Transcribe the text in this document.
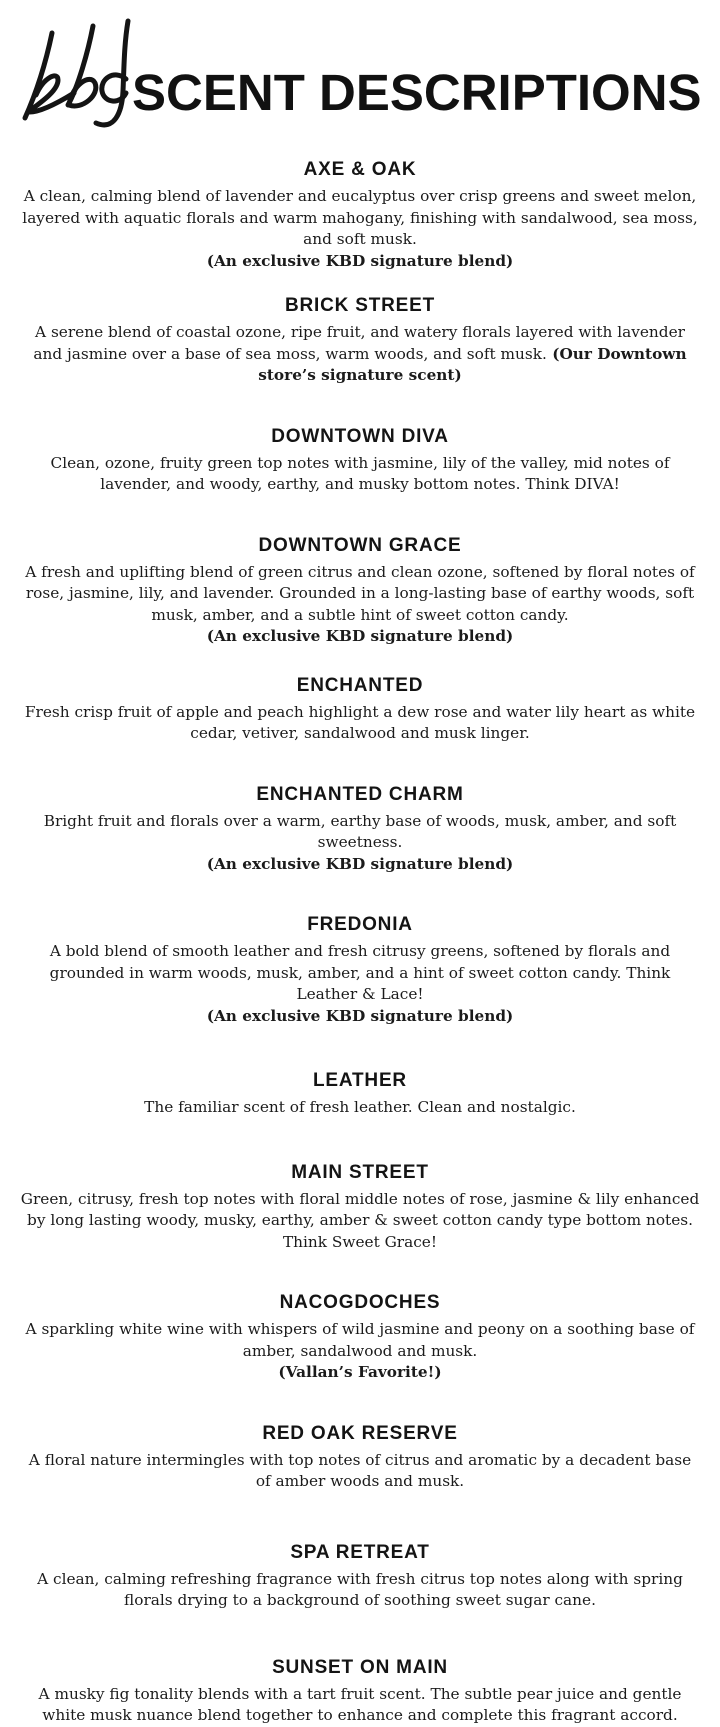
SCENT DESCRIPTIONS
AXE & OAK

A clean, calming blend of lavender and eucalyptus over crisp greens and sweet melon, layered with aquatic florals and warm mahogany, finishing with sandalwood, sea moss, and soft musk.

(An exclusive KBD signature blend)

BRICK STREET

A serene blend of coastal ozone, ripe fruit, and watery florals layered with lavender and jasmine over a base of sea moss, warm woods, and soft musk. (Our Downtown store’s signature scent)

DOWNTOWN DIVA

Clean, ozone, fruity green top notes with jasmine, lily of the valley, mid notes of lavender, and woody, earthy, and musky bottom notes. Think DIVA!

DOWNTOWN GRACE

A fresh and uplifting blend of green citrus and clean ozone, softened by floral notes of rose, jasmine, lily, and lavender. Grounded in a long-lasting base of earthy woods, soft musk, amber, and a subtle hint of sweet cotton candy.

(An exclusive KBD signature blend)

ENCHANTED

Fresh crisp fruit of apple and peach highlight a dew rose and water lily heart as white cedar, vetiver, sandalwood and musk linger.

ENCHANTED CHARM

Bright fruit and florals over a warm, earthy base of woods, musk, amber, and soft sweetness.

(An exclusive KBD signature blend)

FREDONIA

A bold blend of smooth leather and fresh citrusy greens, softened by florals and grounded in warm woods, musk, amber, and a hint of sweet cotton candy. Think Leather & Lace!

(An exclusive KBD signature blend)

LEATHER

The familiar scent of fresh leather. Clean and nostalgic.

MAIN STREET

Green, citrusy, fresh top notes with floral middle notes of rose, jasmine & lily enhanced by long lasting woody, musky, earthy, amber & sweet cotton candy type bottom notes. Think Sweet Grace!

NACOGDOCHES

A sparkling white wine with whispers of wild jasmine and peony on a soothing base of amber, sandalwood and musk.

(Vallan’s Favorite!)

RED OAK RESERVE

A floral nature intermingles with top notes of citrus and aromatic by a decadent base of amber woods and musk.

SPA RETREAT

A clean, calming refreshing fragrance with fresh citrus top notes along with spring florals drying to a background of soothing sweet sugar cane.

SUNSET ON MAIN

A musky fig tonality blends with a tart fruit scent. The subtle pear juice and gentle white musk nuance blend together to enhance and complete this fragrant accord.
